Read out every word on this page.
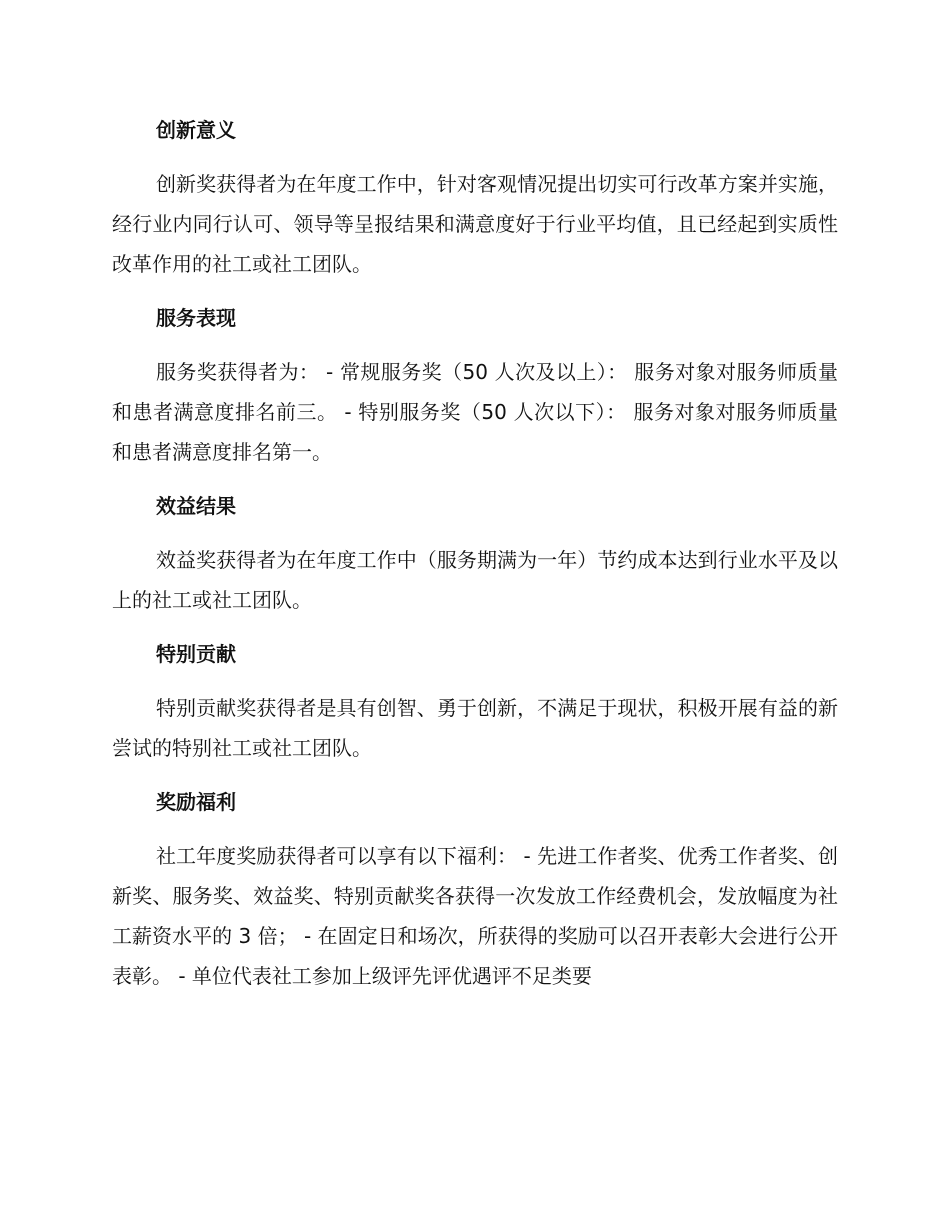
创新意义

创新奖获得者为在年度工作中，针对客观情况提出切实可行改革方案并实施，经行业内同行认可、领导等呈报结果和满意度好于行业平均值，且已经起到实质性改革作用的社工或社工团队。

服务表现

服务奖获得者为： - 常规服务奖（50 人次及以上）： 服务对象对服务师质量和患者满意度排名前三。 - 特别服务奖（50 人次以下）： 服务对象对服务师质量和患者满意度排名第一。

效益结果

效益奖获得者为在年度工作中（服务期满为一年）节约成本达到行业水平及以上的社工或社工团队。

特别贡献

特别贡献奖获得者是具有创智、勇于创新，不满足于现状，积极开展有益的新尝试的特别社工或社工团队。

奖励福利

社工年度奖励获得者可以享有以下福利： - 先进工作者奖、优秀工作者奖、创新奖、服务奖、效益奖、特别贡献奖各获得一次发放工作经费机会，发放幅度为社工薪资水平的 3 倍； - 在固定日和场次，所获得的奖励可以召开表彰大会进行公开表彰。 - 单位代表社工参加上级评先评优遇评不足类要
